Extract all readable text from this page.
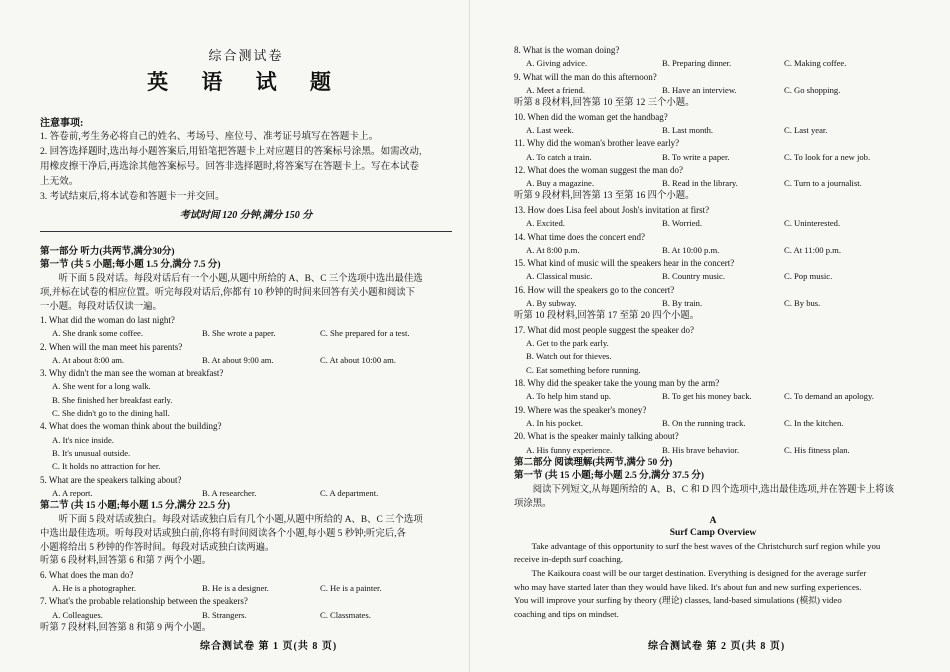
综合测试卷
英 语 试 题
注意事项:

1. 答卷前,考生务必将自己的姓名、考场号、座位号、准考证号填写在答题卡上。

2. 回答选择题时,选出每小题答案后,用铅笔把答题卡上对应题目的答案标号涂黑。如需改动,

用橡皮擦干净后,再选涂其他答案标号。回答非选择题时,将答案写在答题卡上。写在本试卷

上无效。

3. 考试结束后,将本试卷和答题卡一并交回。

考试时间 120 分钟,满分 150 分
第一部分 听力(共两节,满分30分)
第一节 (共 5 小题;每小题 1.5 分,满分 7.5 分)
听下面 5 段对话。每段对话后有一个小题,从题中所给的 A、B、C 三个选项中选出最佳选
项,并标在试卷的相应位置。听完每段对话后,你都有 10 秒钟的时间来回答有关小题和阅读下
一小题。每段对话仅读一遍。
1. What did the woman do last night?
A. She drank some coffee.	B. She wrote a paper.	C. She prepared for a test.
2. When will the man meet his parents?
A. At about 8:00 am.	B. At about 9:00 am.	C. At about 10:00 am.
3. Why didn't the man see the woman at breakfast?
A. She went for a long walk.
B. She finished her breakfast early.
C. She didn't go to the dining hall.
4. What does the woman think about the building?
A. It's nice inside.
B. It's unusual outside.
C. It holds no attraction for her.
5. What are the speakers talking about?
A. A report.	B. A researcher.	C. A department.
第二节 (共 15 小题;每小题 1.5 分,满分 22.5 分)
听下面 5 段对话或独白。每段对话或独白后有几个小题,从题中所给的 A、B、C 三个选项
中选出最佳选项。听每段对话或独白前,你将有时间阅读各个小题,每小题 5 秒钟;听完后,各
小题将给出 5 秒钟的作答时间。每段对话或独白读两遍。
听第 6 段材料,回答第 6 和第 7 两个小题。
6. What does the man do?
A. He is a photographer.	B. He is a designer.	C. He is a painter.
7. What's the probable relationship between the speakers?
A. Colleagues.	B. Strangers.	C. Classmates.
听第 7 段材料,回答第 8 和第 9 两个小题。
综合测试卷 第 1 页(共 8 页)
8. What is the woman doing?
A. Giving advice.	B. Preparing dinner.	C. Making coffee.
9. What will the man do this afternoon?
A. Meet a friend.	B. Have an interview.	C. Go shopping.
听第 8 段材料,回答第 10 至第 12 三个小题。
10. When did the woman get the handbag?
A. Last week.	B. Last month.	C. Last year.
11. Why did the woman's brother leave early?
A. To catch a train.	B. To write a paper.	C. To look for a new job.
12. What does the woman suggest the man do?
A. Buy a magazine.	B. Read in the library.	C. Turn to a journalist.
听第 9 段材料,回答第 13 至第 16 四个小题。
13. How does Lisa feel about Josh's invitation at first?
A. Excited.	B. Worried.	C. Uninterested.
14. What time does the concert end?
A. At 8:00 p.m.	B. At 10:00 p.m.	C. At 11:00 p.m.
15. What kind of music will the speakers hear in the concert?
A. Classical music.	B. Country music.	C. Pop music.
16. How will the speakers go to the concert?
A. By subway.	B. By train.	C. By bus.
听第 10 段材料,回答第 17 至第 20 四个小题。
17. What did most people suggest the speaker do?
A. Get to the park early.
B. Watch out for thieves.
C. Eat something before running.
18. Why did the speaker take the young man by the arm?
A. To help him stand up.	B. To get his money back.	C. To demand an apology.
19. Where was the speaker's money?
A. In his pocket.	B. On the running track.	C. In the kitchen.
20. What is the speaker mainly talking about?
A. His funny experience.	B. His brave behavior.	C. His fitness plan.
第二部分 阅读理解(共两节,满分 50 分)
第一节 (共 15 小题;每小题 2.5 分,满分 37.5 分)
阅读下列短文,从每题所给的 A、B、C 和 D 四个选项中,选出最佳选项,并在答题卡上将该
项涂黑。
A
Surf Camp Overview
Take advantage of this opportunity to surf the best waves of the Christchurch surf region while you
receive in-depth surf coaching.
The Kaikoura coast will be our target destination. Everything is designed for the average surfer
who may have started later than they would have liked. It's about fun and new surfing experiences.
You will improve your surfing by theory (理论) classes, land-based simulations (模拟) video
coaching and tips on mindset.
综合测试卷 第 2 页(共 8 页)
